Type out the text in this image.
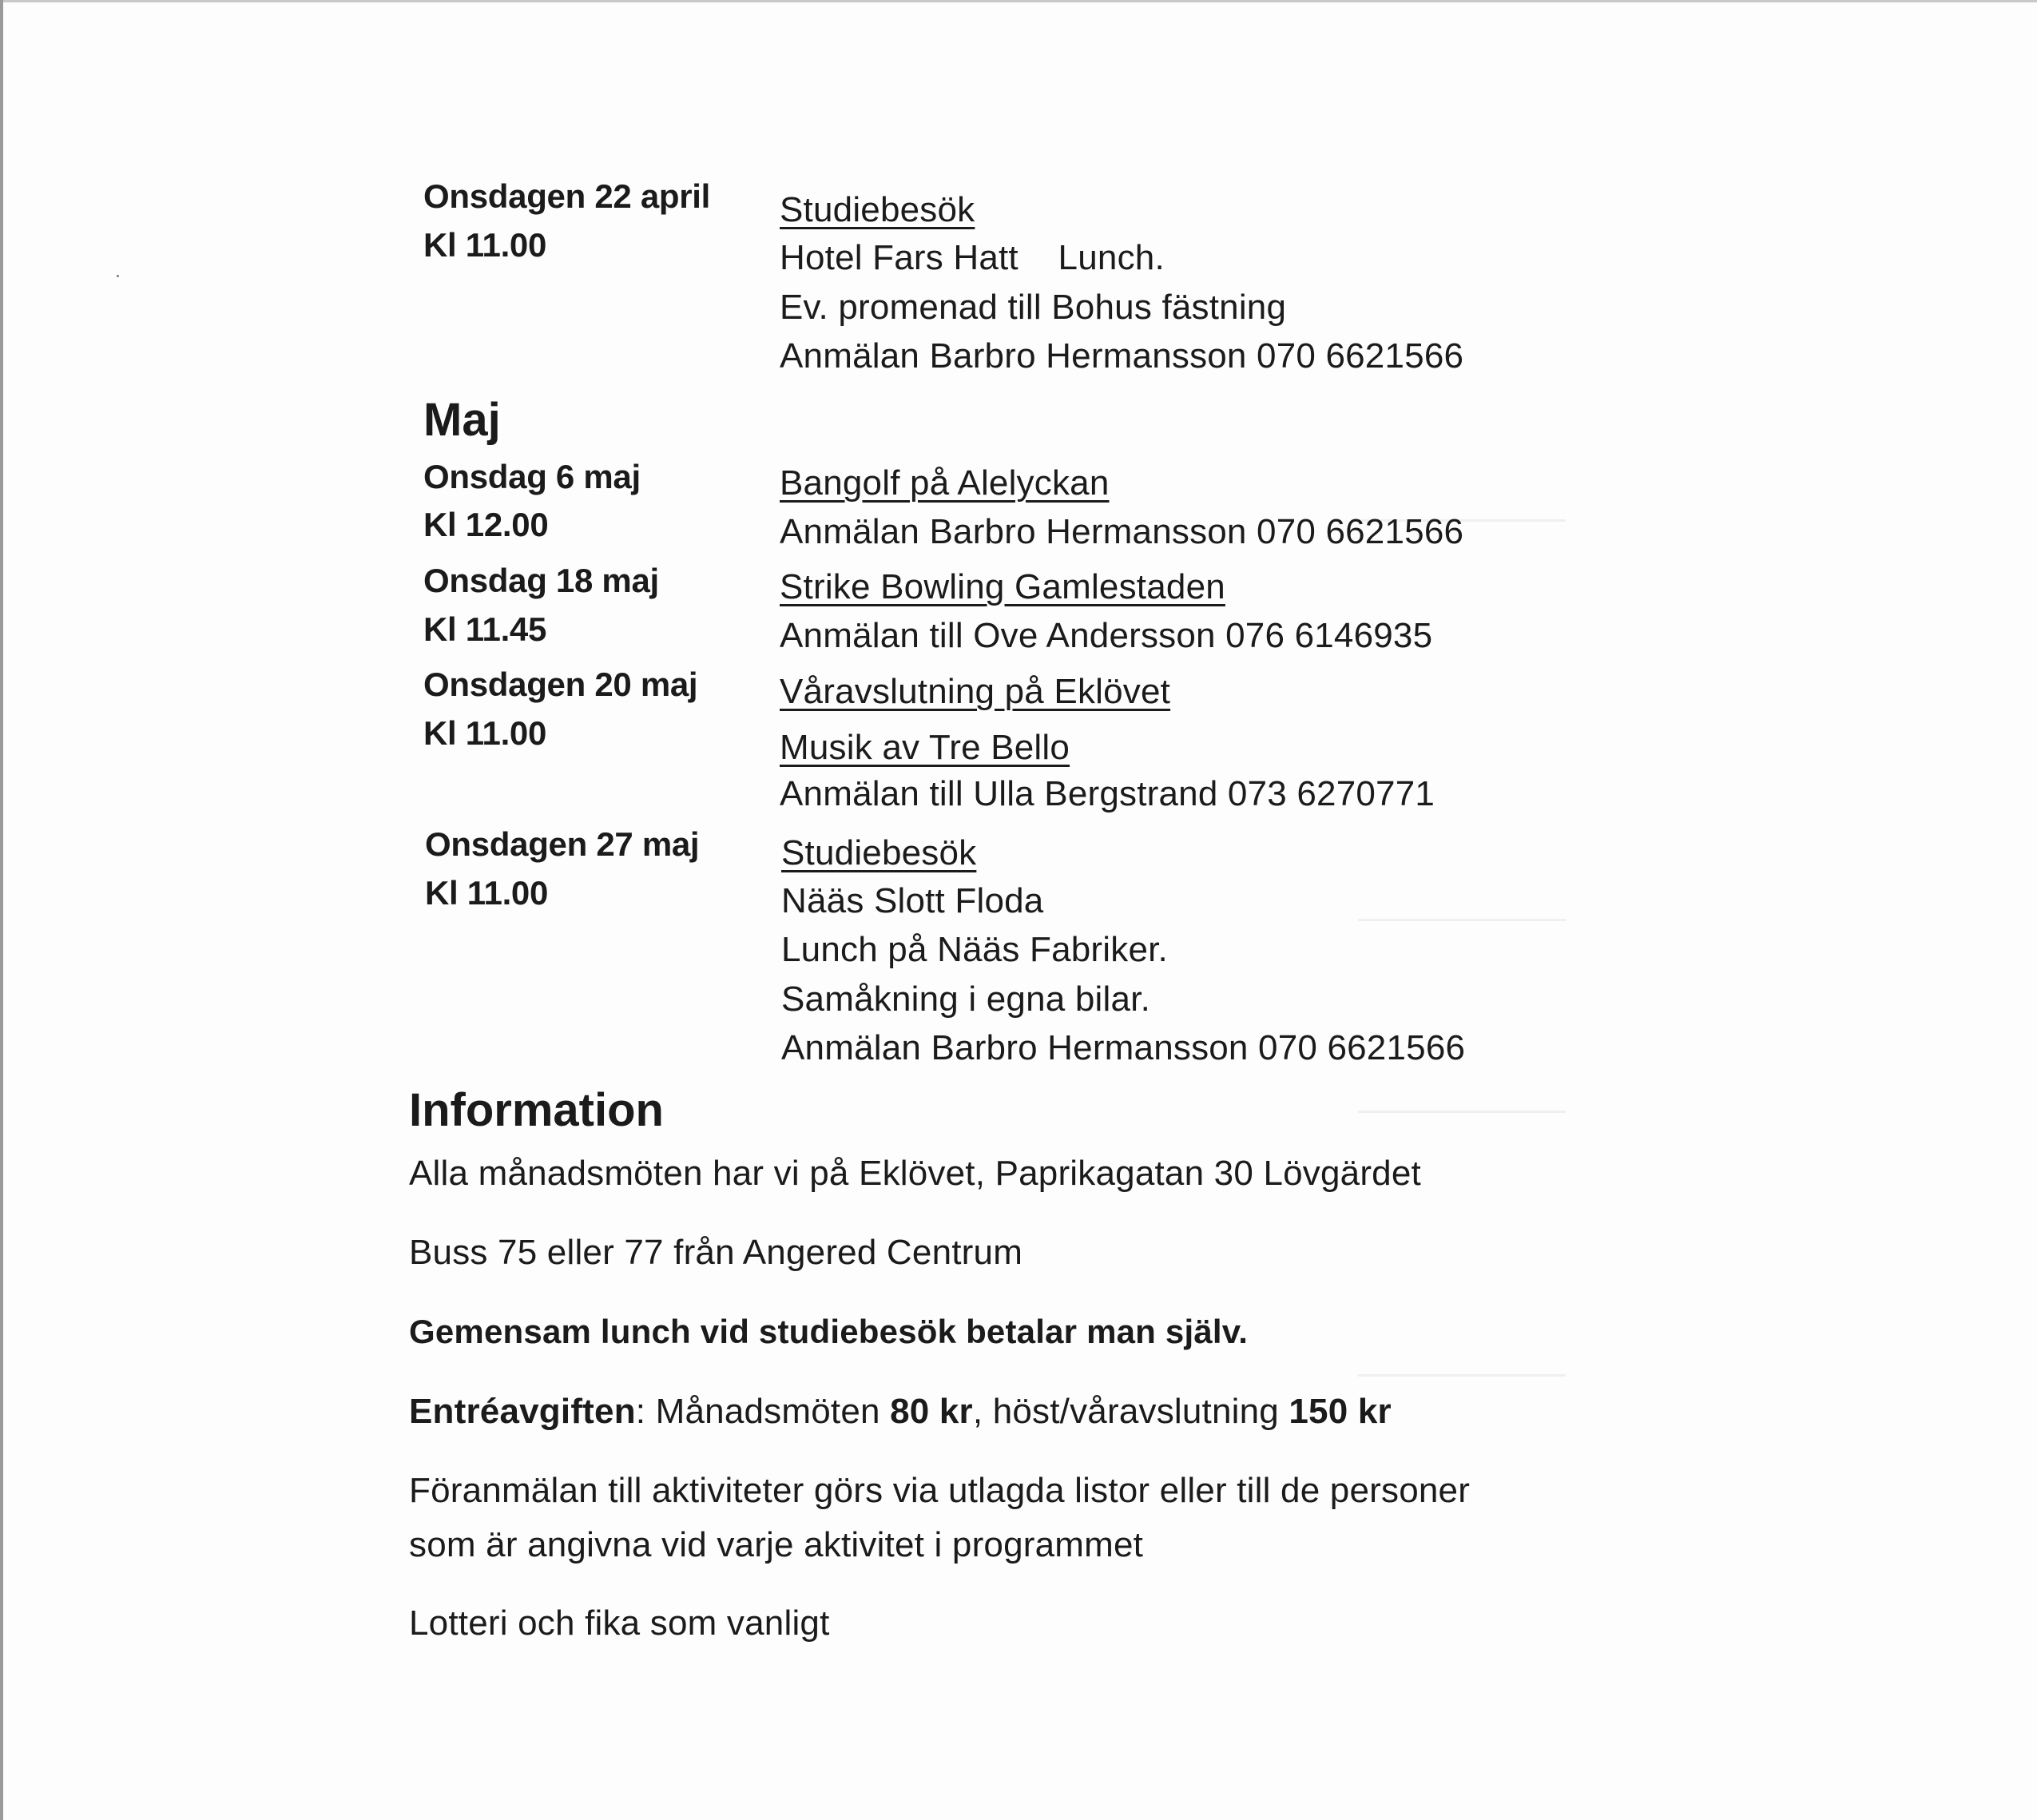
Onsdagen 22 april
Kl 11.00
Studiebesök
Hotel Fars Hatt    Lunch.
Ev. promenad till Bohus fästning
Anmälan Barbro Hermansson 070 6621566
Maj
Onsdag 6 maj
Kl 12.00
Bangolf på Alelyckan
Anmälan Barbro Hermansson 070 6621566
Onsdag 18 maj
Kl 11.45
Strike Bowling Gamlestaden
Anmälan till Ove Andersson 076 6146935
Onsdagen 20 maj
Kl 11.00
Våravslutning på Eklövet
Musik av Tre Bello
Anmälan till Ulla Bergstrand 073 6270771
Onsdagen 27 maj
Kl 11.00
Studiebesök
Nääs Slott Floda
Lunch på Nääs Fabriker.
Samåkning i egna bilar.
Anmälan Barbro Hermansson 070 6621566
Information
Alla månadsmöten har vi på Eklövet, Paprikagatan 30 Lövgärdet
Buss 75 eller 77 från Angered Centrum
Gemensam lunch vid studiebesök betalar man själv.
Entréavgiften: Månadsmöten 80 kr, höst/våravslutning 150 kr
Föranmälan till aktiviteter görs via utlagda listor eller till de personer
som är angivna vid varje aktivitet i programmet
Lotteri och fika som vanligt
